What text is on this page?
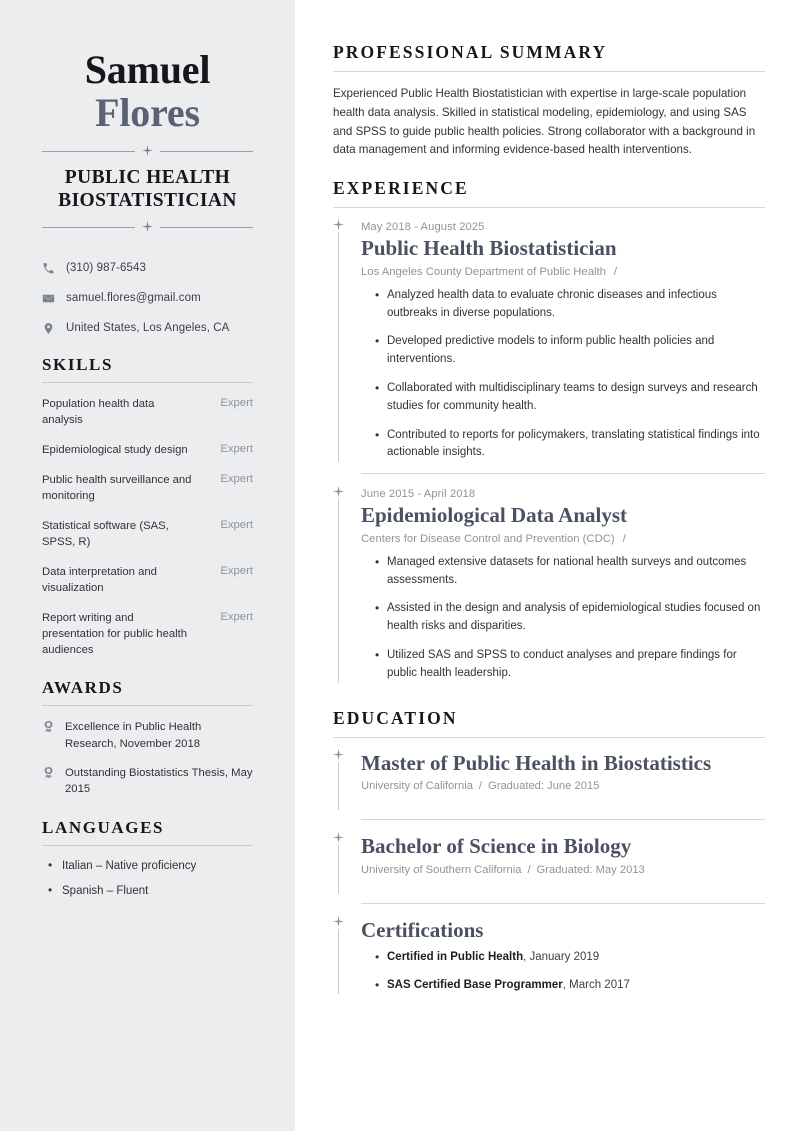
Samuel
Flores
PUBLIC HEALTH BIOSTATISTICIAN
(310) 987-6543
samuel.flores@gmail.com
United States, Los Angeles, CA
SKILLS
Population health data analysis
Expert
Epidemiological study design	Expert
Public health surveillance and monitoring
Expert
Statistical software (SAS, SPSS, R)
Expert
Data interpretation and visualization
Expert
Report writing and presentation for public health audiences
Expert
AWARDS
Excellence in Public Health Research, November 2018
Outstanding Biostatistics Thesis, May 2015
LANGUAGES
• Italian – Native proficiency
• Spanish – Fluent
PROFESSIONAL SUMMARY

Experienced Public Health Biostatistician with expertise in large-scale population health data analysis. Skilled in statistical modeling, epidemiology, and using SAS and SPSS to guide public health policies. Strong collaborator with a background in data management and informing evidence-based health interventions.

EXPERIENCE
May 2018 - August 2025
Public Health Biostatistician
Los Angeles County Department of Public Health /
• Analyzed health data to evaluate chronic diseases and infectious outbreaks in diverse populations.
• Developed predictive models to inform public health policies and interventions.
• Collaborated with multidisciplinary teams to design surveys and research studies for community health.
• Contributed to reports for policymakers, translating statistical findings into actionable insights.
June 2015 - April 2018
Epidemiological Data Analyst
Centers for Disease Control and Prevention (CDC) /
• Managed extensive datasets for national health surveys and outcomes assessments.
• Assisted in the design and analysis of epidemiological studies focused on health risks and disparities.
• Utilized SAS and SPSS to conduct analyses and prepare findings for public health leadership.
EDUCATION
Master of Public Health in Biostatistics
University of California / Graduated: June 2015
Bachelor of Science in Biology
University of Southern California / Graduated: May 2013
Certifications
• Certified in Public Health, January 2019
• SAS Certified Base Programmer, March 2017
